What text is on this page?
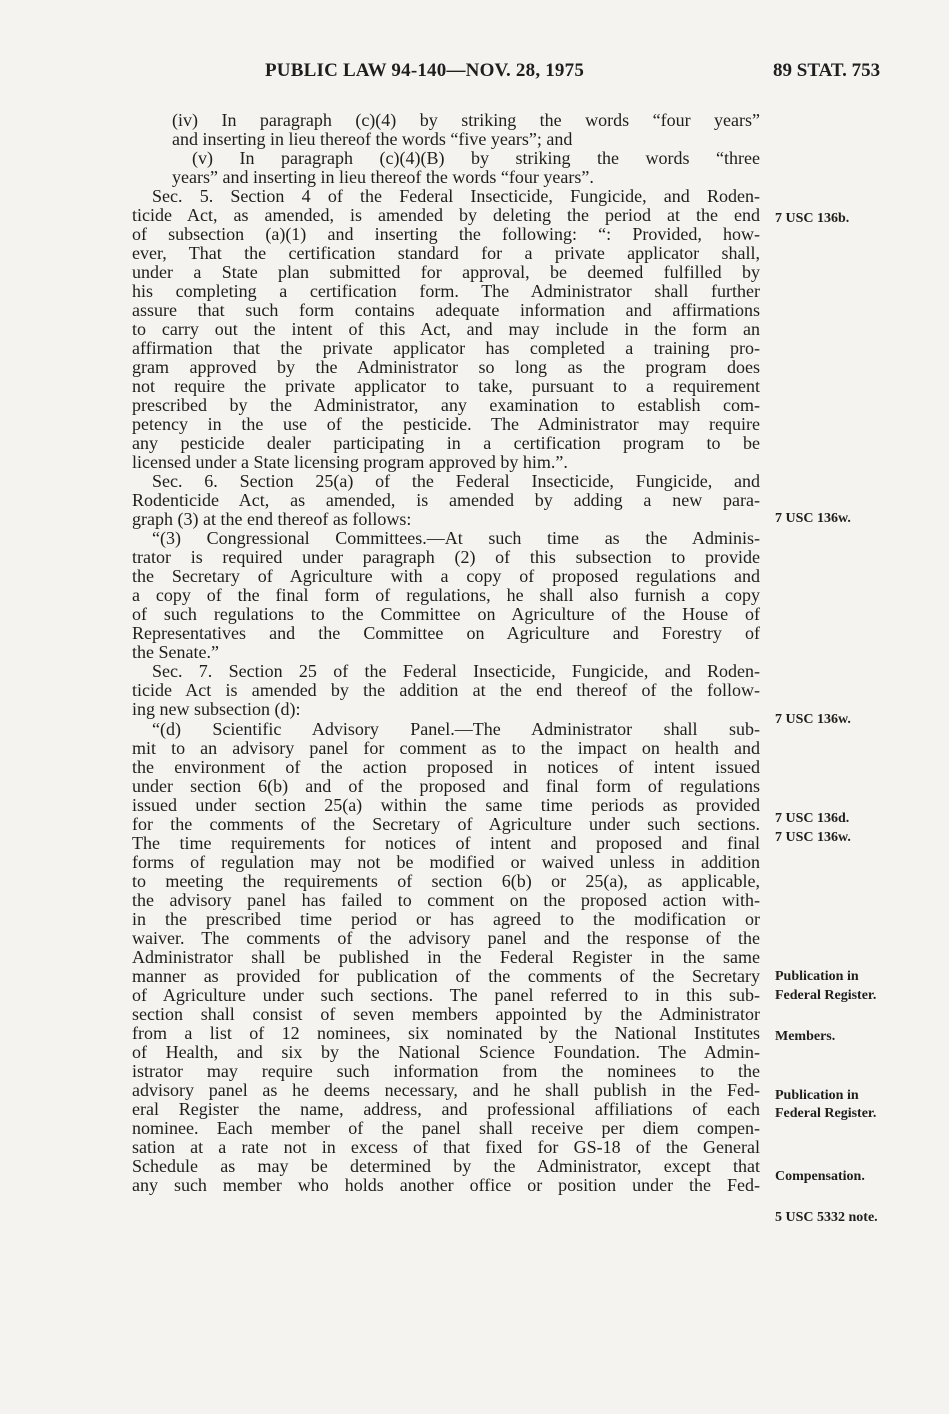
PUBLIC LAW 94-140—NOV. 28, 1975	89 STAT. 753
(iv) In paragraph (c)(4) by striking the words “four years”
and inserting in lieu thereof the words “five years”; and
(v) In paragraph (c)(4)(B) by striking the words “three
years” and inserting in lieu thereof the words “four years”.
Sec. 5. Section 4 of the Federal Insecticide, Fungicide, and Roden-
ticide Act, as amended, is amended by deleting the period at the end
of subsection (a)(1) and inserting the following: “: Provided, how-
ever, That the certification standard for a private applicator shall,
under a State plan submitted for approval, be deemed fulfilled by
his completing a certification form. The Administrator shall further
assure that such form contains adequate information and affirmations
to carry out the intent of this Act, and may include in the form an
affirmation that the private applicator has completed a training pro-
gram approved by the Administrator so long as the program does
not require the private applicator to take, pursuant to a requirement
prescribed by the Administrator, any examination to establish com-
petency in the use of the pesticide. The Administrator may require
any pesticide dealer participating in a certification program to be
licensed under a State licensing program approved by him.”.
Sec. 6. Section 25(a) of the Federal Insecticide, Fungicide, and
Rodenticide Act, as amended, is amended by adding a new para-
graph (3) at the end thereof as follows:
“(3) Congressional Committees.—At such time as the Adminis-
trator is required under paragraph (2) of this subsection to provide
the Secretary of Agriculture with a copy of proposed regulations and
a copy of the final form of regulations, he shall also furnish a copy
of such regulations to the Committee on Agriculture of the House of
Representatives and the Committee on Agriculture and Forestry of
the Senate.”
Sec. 7. Section 25 of the Federal Insecticide, Fungicide, and Roden-
ticide Act is amended by the addition at the end thereof of the follow-
ing new subsection (d):
“(d) Scientific Advisory Panel.—The Administrator shall sub-
mit to an advisory panel for comment as to the impact on health and
the environment of the action proposed in notices of intent issued
under section 6(b) and of the proposed and final form of regulations
issued under section 25(a) within the same time periods as provided
for the comments of the Secretary of Agriculture under such sections.
The time requirements for notices of intent and proposed and final
forms of regulation may not be modified or waived unless in addition
to meeting the requirements of section 6(b) or 25(a), as applicable,
the advisory panel has failed to comment on the proposed action with-
in the prescribed time period or has agreed to the modification or
waiver. The comments of the advisory panel and the response of the
Administrator shall be published in the Federal Register in the same
manner as provided for publication of the comments of the Secretary
of Agriculture under such sections. The panel referred to in this sub-
section shall consist of seven members appointed by the Administrator
from a list of 12 nominees, six nominated by the National Institutes
of Health, and six by the National Science Foundation. The Admin-
istrator may require such information from the nominees to the
advisory panel as he deems necessary, and he shall publish in the Fed-
eral Register the name, address, and professional affiliations of each
nominee. Each member of the panel shall receive per diem compen-
sation at a rate not in excess of that fixed for GS-18 of the General
Schedule as may be determined by the Administrator, except that
any such member who holds another office or position under the Fed-
7 USC 136b.
7 USC 136w.
7 USC 136w.
7 USC 136d.
7 USC 136w.
Publication in
Federal Register.
Members.
Publication in
Federal Register.
Compensation.
5 USC 5332 note.
